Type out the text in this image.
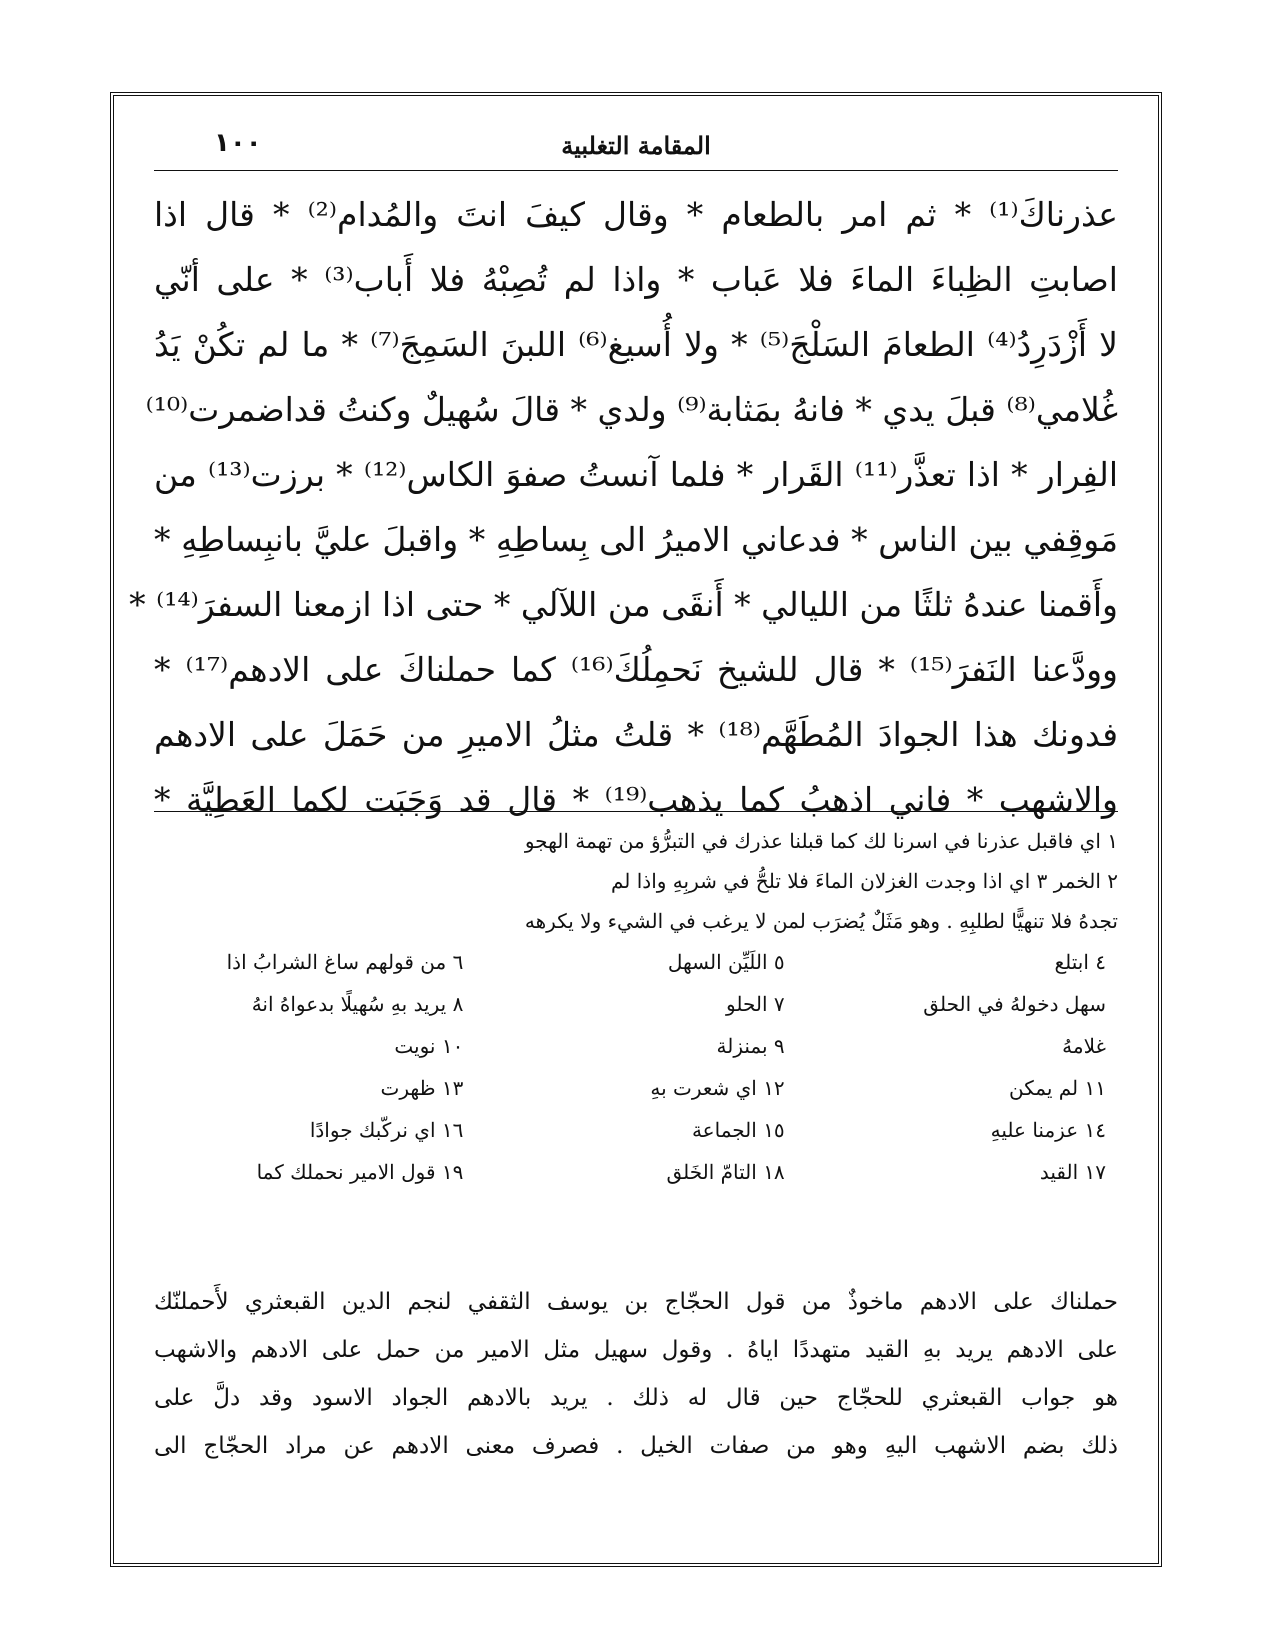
المقامة التغلبية
١٠٠
عذرناكَ⁽¹⁾ * ثم امر بالطعام * وقال كيفَ انتَ والمُدام⁽²⁾ * قال اذا
اصابتِ الظِباءَ الماءَ فلا عَباب * واذا لم تُصِبْهُ فلا أَباب⁽³⁾ * على أنّي
لا أَزْدَرِدُ⁽⁴⁾ الطعامَ السَلْجَ⁽⁵⁾ * ولا أُسيغ⁽⁶⁾ اللبنَ السَمِجَ⁽⁷⁾ * ما لم تكُنْ يَدُ
غُلامي⁽⁸⁾ قبلَ يدي * فانهُ بمَثابة⁽⁹⁾ ولدي * قالَ سُهيلٌ وكنتُ قداضمرت⁽¹⁰⁾
الفِرار * اذا تعذَّر⁽¹¹⁾ القَرار * فلما آنستُ صفوَ الكاس⁽¹²⁾ * برزت⁽¹³⁾ من
مَوقِفي بين الناس * فدعاني الاميرُ الى بِساطِهِ * واقبلَ عليَّ بانبِساطِهِ *
وأَقمنا عندهُ ثلثًا من الليالي * أَنقَى من اللآلي * حتى اذا ازمعنا السفرَ⁽¹⁴⁾ *
وودَّعنا النَفرَ⁽¹⁵⁾ * قال للشيخ نَحمِلُكَ⁽¹⁶⁾ كما حملناكَ على الادهم⁽¹⁷⁾ *
فدونك هذا الجوادَ المُطَهَّم⁽¹⁸⁾ * قلتُ مثلُ الاميرِ من حَمَلَ على الادهم
والاشهب * فاني اذهبُ كما يذهب⁽¹⁹⁾ * قال قد وَجَبَت لكما العَطِيَّة *
١ اي فاقبل عذرنا في اسرنا لك كما قبلنا عذرك في التبرُّؤ من تهمة الهجو
٢ الخمر ٣ اي اذا وجدت الغزلان الماءَ فلا تلحُّ في شربِهِ واذا لم
تجدهُ فلا تنهيًّا لطلبِهِ . وهو مَثَلٌ يُضرَب لمن لا يرغب في الشيء ولا يكرهه
٤ ابتلع
٥ اللَيِّن السهل
٦ من قولهم ساغ الشرابُ اذا
سهل دخولهُ في الحلق
٧ الحلو
٨ يريد بهِ سُهيلًا بدعواهُ انهُ
غلامهُ
٩ بمنزلة
١٠ نويت
١١ لم يمكن
١٢ اي شعرت بهِ
١٣ ظهرت
١٤ عزمنا عليهِ
١٥ الجماعة
١٦ اي نركّبك جوادًا
١٧ القيد
١٨ التامّ الخَلق
١٩ قول الامير نحملك كما
حملناك على الادهم ماخوذٌ من قول الحجّاج بن يوسف الثقفي لنجم الدين القبعثري لأَحملنّك
على الادهم يريد بهِ القيد متهددًا اياهُ . وقول سهيل مثل الامير من حمل على الادهم والاشهب
هو جواب القبعثري للحجّاج حين قال له ذلك . يريد بالادهم الجواد الاسود وقد دلَّ على
ذلك بضم الاشهب اليهِ وهو من صفات الخيل . فصرف معنى الادهم عن مراد الحجّاج الى
